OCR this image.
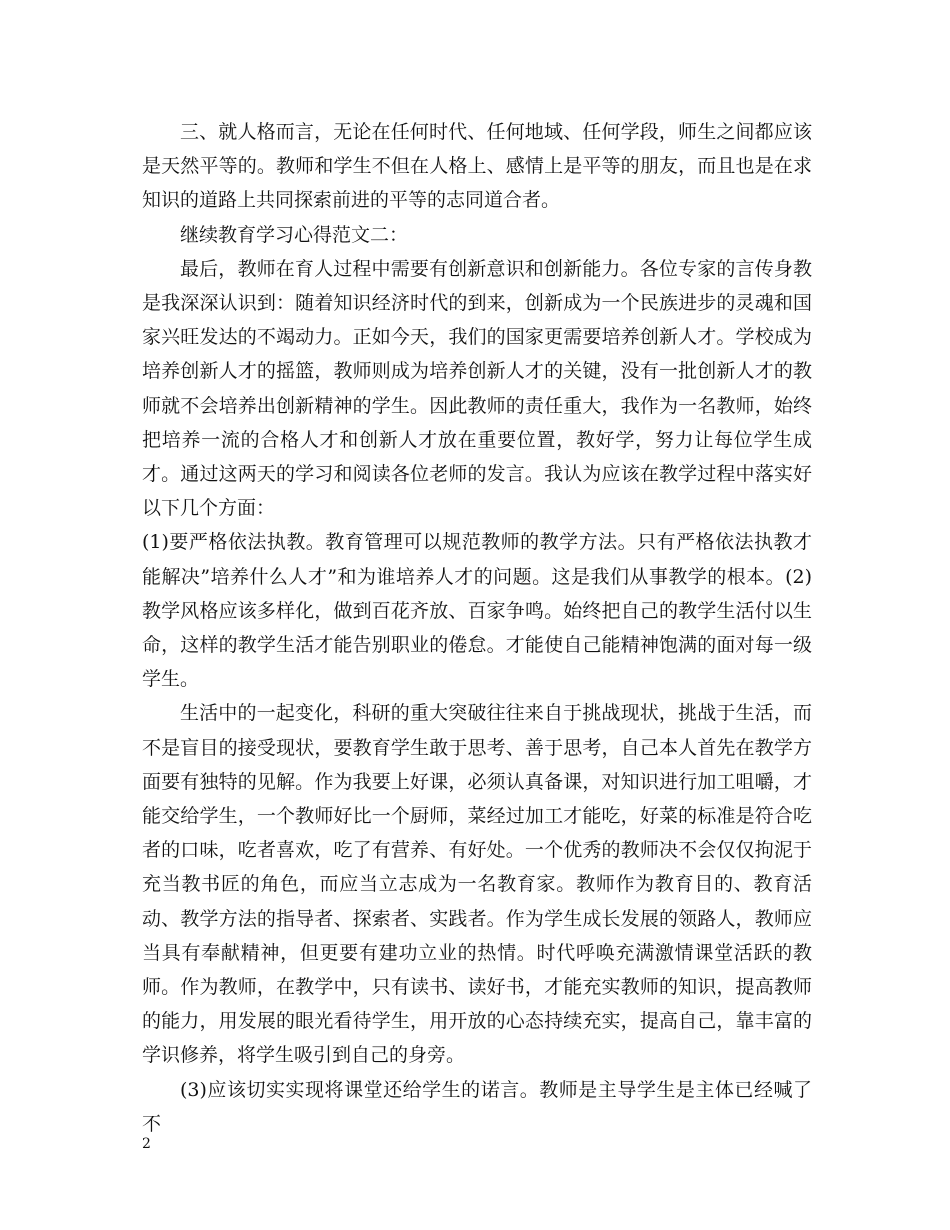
三、就人格而言，无论在任何时代、任何地域、任何学段，师生之间都应该是天然平等的。教师和学生不但在人格上、感情上是平等的朋友，而且也是在求知识的道路上共同探索前进的平等的志同道合者。

继续教育学习心得范文二：

最后，教师在育人过程中需要有创新意识和创新能力。各位专家的言传身教是我深深认识到：随着知识经济时代的到来，创新成为一个民族进步的灵魂和国家兴旺发达的不竭动力。正如今天，我们的国家更需要培养创新人才。学校成为培养创新人才的摇篮，教师则成为培养创新人才的关键，没有一批创新人才的教师就不会培养出创新精神的学生。因此教师的责任重大，我作为一名教师，始终把培养一流的合格人才和创新人才放在重要位置，教好学，努力让每位学生成才。通过这两天的学习和阅读各位老师的发言。我认为应该在教学过程中落实好以下几个方面：

(1)要严格依法执教。教育管理可以规范教师的教学方法。只有严格依法执教才能解决”培养什么人才”和为谁培养人才的问题。这是我们从事教学的根本。(2)教学风格应该多样化，做到百花齐放、百家争鸣。始终把自己的教学生活付以生命，这样的教学生活才能告别职业的倦怠。才能使自己能精神饱满的面对每一级学生。

生活中的一起变化，科研的重大突破往往来自于挑战现状，挑战于生活，而不是盲目的接受现状，要教育学生敢于思考、善于思考，自己本人首先在教学方面要有独特的见解。作为我要上好课，必须认真备课，对知识进行加工咀嚼，才能交给学生，一个教师好比一个厨师，菜经过加工才能吃，好菜的标准是符合吃者的口味，吃者喜欢，吃了有营养、有好处。一个优秀的教师决不会仅仅拘泥于充当教书匠的角色，而应当立志成为一名教育家。教师作为教育目的、教育活动、教学方法的指导者、探索者、实践者。作为学生成长发展的领路人，教师应当具有奉献精神，但更要有建功立业的热情。时代呼唤充满激情课堂活跃的教师。作为教师，在教学中，只有读书、读好书，才能充实教师的知识，提高教师的能力，用发展的眼光看待学生，用开放的心态持续充实，提高自己，靠丰富的学识修养，将学生吸引到自己的身旁。

(3)应该切实实现将课堂还给学生的诺言。教师是主导学生是主体已经喊了不

2
